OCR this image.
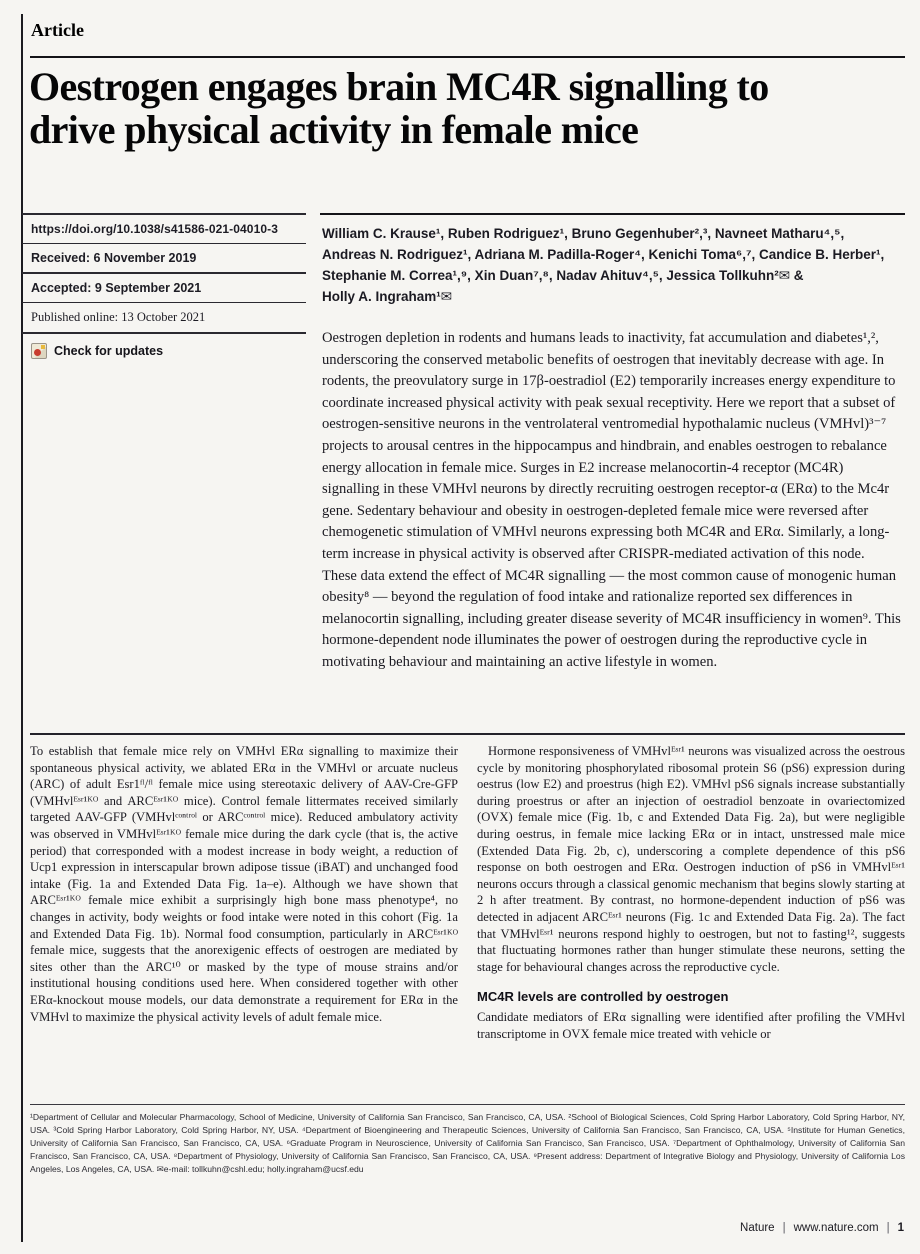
Article
Oestrogen engages brain MC4R signalling to
drive physical activity in female mice
https://doi.org/10.1038/s41586-021-04010-3
Received: 6 November 2019
Accepted: 9 September 2021
Published online: 13 October 2021
Check for updates
William C. Krause¹, Ruben Rodriguez¹, Bruno Gegenhuber²,³, Navneet Matharu⁴,⁵,
Andreas N. Rodriguez¹, Adriana M. Padilla-Roger⁴, Kenichi Toma⁶,⁷, Candice B. Herber¹,
Stephanie M. Correa¹,⁹, Xin Duan⁷,⁸, Nadav Ahituv⁴,⁵, Jessica Tollkuhn²✉ &
Holly A. Ingraham¹✉
Oestrogen depletion in rodents and humans leads to inactivity, fat accumulation and diabetes¹,², underscoring the conserved metabolic benefits of oestrogen that inevitably decrease with age. In rodents, the preovulatory surge in 17β-oestradiol (E2) temporarily increases energy expenditure to coordinate increased physical activity with peak sexual receptivity. Here we report that a subset of oestrogen-sensitive neurons in the ventrolateral ventromedial hypothalamic nucleus (VMHvl)³⁻⁷ projects to arousal centres in the hippocampus and hindbrain, and enables oestrogen to rebalance energy allocation in female mice. Surges in E2 increase melanocortin-4 receptor (MC4R) signalling in these VMHvl neurons by directly recruiting oestrogen receptor-α (ERα) to the Mc4r gene. Sedentary behaviour and obesity in oestrogen-depleted female mice were reversed after chemogenetic stimulation of VMHvl neurons expressing both MC4R and ERα. Similarly, a long-term increase in physical activity is observed after CRISPR-mediated activation of this node. These data extend the effect of MC4R signalling — the most common cause of monogenic human obesity⁸ — beyond the regulation of food intake and rationalize reported sex differences in melanocortin signalling, including greater disease severity of MC4R insufficiency in women⁹. This hormone-dependent node illuminates the power of oestrogen during the reproductive cycle in motivating behaviour and maintaining an active lifestyle in women.

To establish that female mice rely on VMHvl ERα signalling to maximize their spontaneous physical activity, we ablated ERα in the VMHvl or arcuate nucleus (ARC) of adult Esr1ᶠˡ/ᶠˡ female mice using stereotaxic delivery of AAV-Cre-GFP (VMHvlᴱˢʳ¹ᴷᴼ and ARCᴱˢʳ¹ᴷᴼ mice). Control female littermates received similarly targeted AAV-GFP (VMHvlᶜᵒⁿᵗʳᵒˡ or ARCᶜᵒⁿᵗʳᵒˡ mice). Reduced ambulatory activity was observed in VMHvlᴱˢʳ¹ᴷᴼ female mice during the dark cycle (that is, the active period) that corresponded with a modest increase in body weight, a reduction of Ucp1 expression in interscapular brown adipose tissue (iBAT) and unchanged food intake (Fig. 1a and Extended Data Fig. 1a–e). Although we have shown that ARCᴱˢʳ¹ᴷᴼ female mice exhibit a surprisingly high bone mass phenotype⁴, no changes in activity, body weights or food intake were noted in this cohort (Fig. 1a and Extended Data Fig. 1b). Normal food consumption, particularly in ARCᴱˢʳ¹ᴷᴼ female mice, suggests that the anorexigenic effects of oestrogen are mediated by sites other than the ARC¹⁰ or masked by the type of mouse strains and/or institutional housing conditions used here. When considered together with other ERα-knockout mouse models, our data demonstrate a requirement for ERα in the VMHvl to maximize the physical activity levels of adult female mice.

Hormone responsiveness of VMHvlᴱˢʳ¹ neurons was visualized across the oestrous cycle by monitoring phosphorylated ribosomal protein S6 (pS6) expression during oestrus (low E2) and proestrus (high E2). VMHvl pS6 signals increase substantially during proestrus or after an injection of oestradiol benzoate in ovariectomized (OVX) female mice (Fig. 1b, c and Extended Data Fig. 2a), but were negligible during oestrus, in female mice lacking ERα or in intact, unstressed male mice (Extended Data Fig. 2b, c), underscoring a complete dependence of this pS6 response on both oestrogen and ERα. Oestrogen induction of pS6 in VMHvlᴱˢʳ¹ neurons occurs through a classical genomic mechanism that begins slowly starting at 2 h after treatment. By contrast, no hormone-dependent induction of pS6 was detected in adjacent ARCᴱˢʳ¹ neurons (Fig. 1c and Extended Data Fig. 2a). The fact that VMHvlᴱˢʳ¹ neurons respond highly to oestrogen, but not to fasting¹², suggests that fluctuating hormones rather than hunger stimulate these neurons, setting the stage for behavioural changes across the reproductive cycle.

MC4R levels are controlled by oestrogen

Candidate mediators of ERα signalling were identified after profiling the VMHvl transcriptome in OVX female mice treated with vehicle or

¹Department of Cellular and Molecular Pharmacology, School of Medicine, University of California San Francisco, San Francisco, CA, USA. ²School of Biological Sciences, Cold Spring Harbor Laboratory, Cold Spring Harbor, NY, USA. ³Cold Spring Harbor Laboratory, Cold Spring Harbor, NY, USA. ⁴Department of Bioengineering and Therapeutic Sciences, University of California San Francisco, San Francisco, CA, USA. ⁵Institute for Human Genetics, University of California San Francisco, San Francisco, CA, USA. ⁶Graduate Program in Neuroscience, University of California San Francisco, San Francisco, USA. ⁷Department of Ophthalmology, University of California San Francisco, San Francisco, CA, USA. ⁸Department of Physiology, University of California San Francisco, San Francisco, CA, USA. ⁹Present address: Department of Integrative Biology and Physiology, University of California Los Angeles, Los Angeles, CA, USA. ✉e-mail: tollkuhn@cshl.edu; holly.ingraham@ucsf.edu
Nature | www.nature.com | 1
